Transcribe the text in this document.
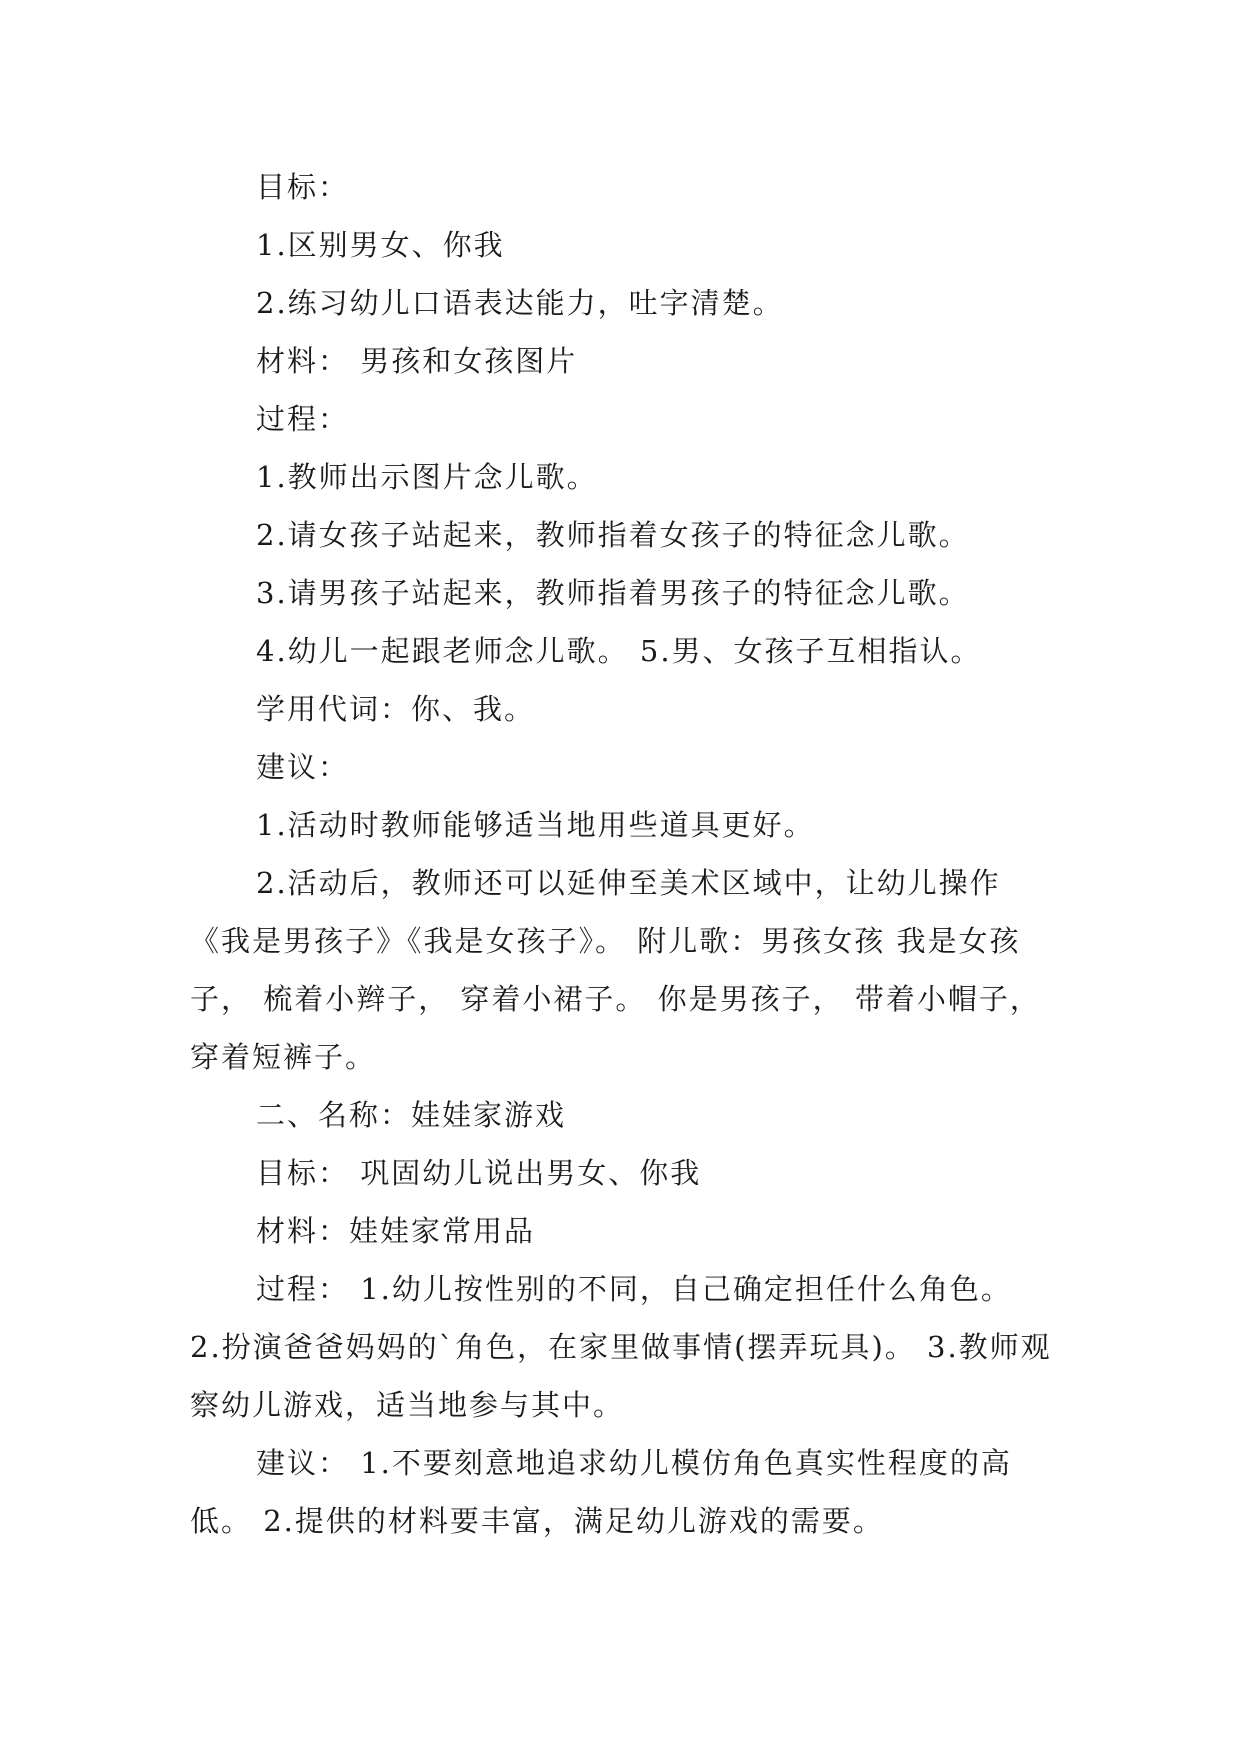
目标：

1.区别男女、你我

2.练习幼儿口语表达能力，吐字清楚。

材料： 男孩和女孩图片

过程：

1.教师出示图片念儿歌。

2.请女孩子站起来，教师指着女孩子的特征念儿歌。

3.请男孩子站起来，教师指着男孩子的特征念儿歌。

4.幼儿一起跟老师念儿歌。 5.男、女孩子互相指认。

学用代词：你、我。

建议：

1.活动时教师能够适当地用些道具更好。

2.活动后，教师还可以延伸至美术区域中，让幼儿操作《我是男孩子》《我是女孩子》。 附儿歌：男孩女孩 我是女孩子， 梳着小辫子， 穿着小裙子。 你是男孩子， 带着小帽子， 穿着短裤子。

二、名称：娃娃家游戏

目标： 巩固幼儿说出男女、你我

材料：娃娃家常用品

过程： 1.幼儿按性别的不同，自己确定担任什么角色。 2.扮演爸爸妈妈的`角色，在家里做事情(摆弄玩具)。 3.教师观察幼儿游戏，适当地参与其中。

建议： 1.不要刻意地追求幼儿模仿角色真实性程度的高低。 2.提供的材料要丰富，满足幼儿游戏的需要。
